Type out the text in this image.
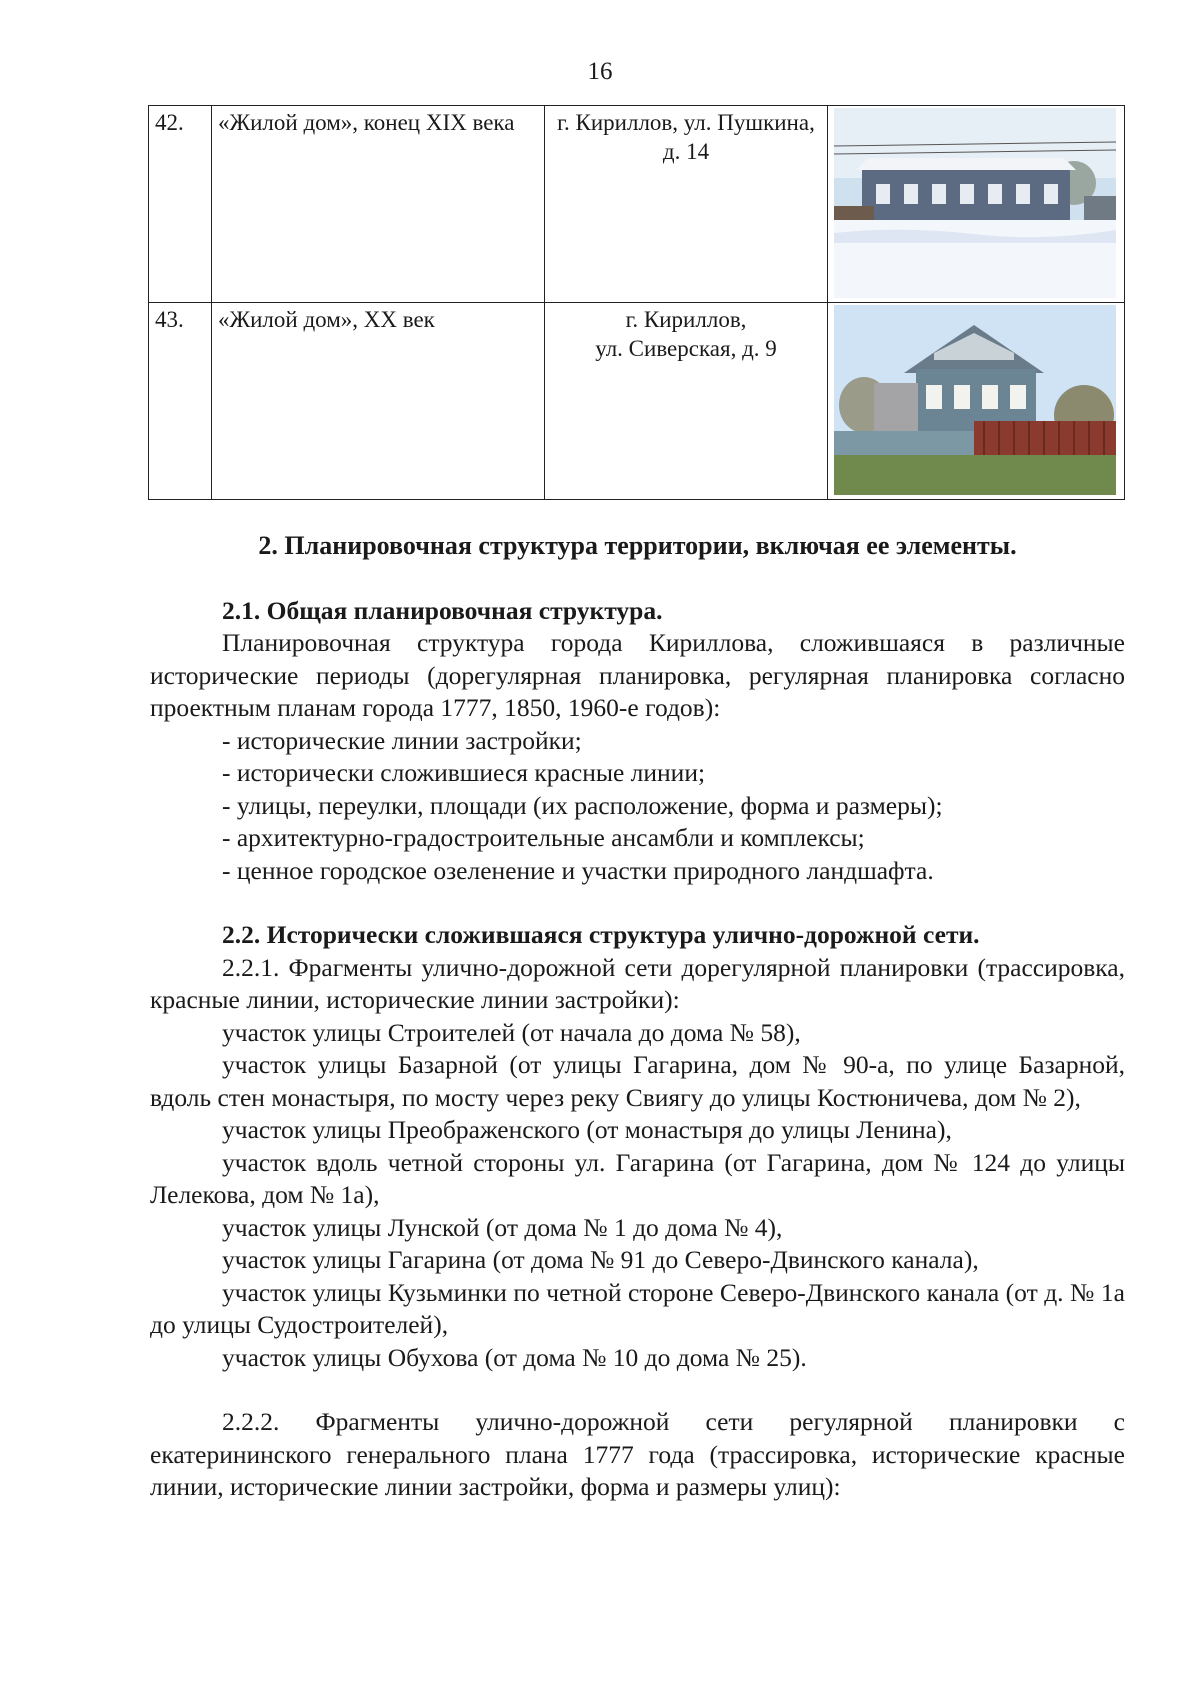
16
42.	«Жилой дом», конец XIX века	г. Кириллов, ул. Пушкина, д. 14	

43.	«Жилой дом», XX век	г. Кириллов,
ул. Сиверская, д. 9

2. Планировочная структура территории, включая ее элементы.

2.1. Общая планировочная структура.

Планировочная структура города Кириллова, сложившаяся в различные исторические периоды (дорегулярная планировка, регулярная планировка согласно проектным планам города 1777, 1850, 1960-е годов):

- исторические линии застройки;

- исторически сложившиеся красные линии;

- улицы, переулки, площади (их расположение, форма и размеры);

- архитектурно-градостроительные ансамбли и комплексы;

- ценное городское озеленение и участки природного ландшафта.

2.2. Исторически сложившаяся структура улично-дорожной сети.

2.2.1. Фрагменты улично-дорожной сети дорегулярной планировки (трассировка, красные линии, исторические линии застройки):

участок улицы Строителей (от начала до дома № 58),

участок улицы Базарной (от улицы Гагарина, дом № 90-а, по улице Базарной, вдоль стен монастыря, по мосту через реку Свиягу до улицы Костюничева, дом № 2),

участок улицы Преображенского (от монастыря до улицы Ленина),

участок вдоль четной стороны ул. Гагарина (от Гагарина, дом № 124 до улицы Лелекова, дом № 1а),

участок улицы Лунской (от дома № 1 до дома № 4),

участок улицы Гагарина (от дома № 91 до Северо-Двинского канала),

участок улицы Кузьминки по четной стороне Северо-Двинского канала (от д. № 1а до улицы Судостроителей),

участок улицы Обухова (от дома № 10 до дома № 25).

2.2.2. Фрагменты улично-дорожной сети регулярной планировки с екатерининского генерального плана 1777 года (трассировка, исторические красные линии, исторические линии застройки, форма и размеры улиц):
